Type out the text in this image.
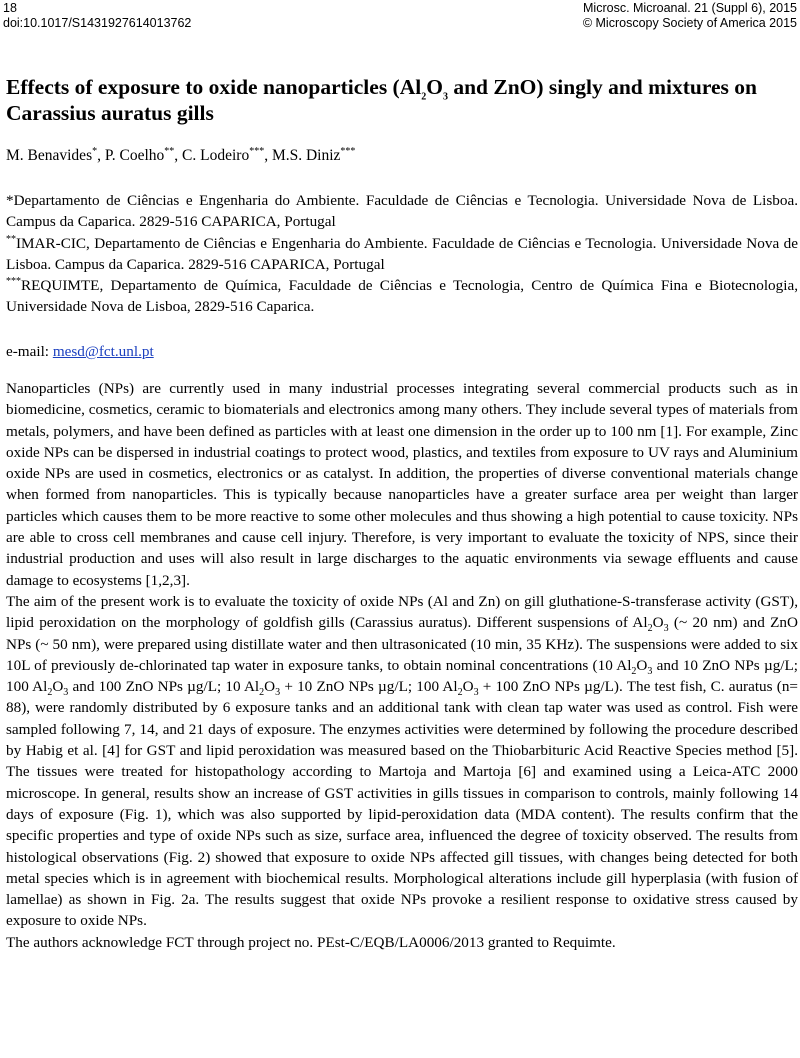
18
doi:10.1017/S1431927614013762
Microsc. Microanal. 21 (Suppl 6), 2015
© Microscopy Society of America 2015
Effects of exposure to oxide nanoparticles ($Al_2O_3$ and ZnO) singly and mixtures on Carassius auratus gills
M. Benavides*, P. Coelho**, C. Lodeiro***, M.S. Diniz***

*Departamento de Ciências e Engenharia do Ambiente. Faculdade de Ciências e Tecnologia. Universidade Nova de Lisboa. Campus da Caparica. 2829-516 CAPARICA, Portugal

**IMAR-CIC, Departamento de Ciências e Engenharia do Ambiente. Faculdade de Ciências e Tecnologia. Universidade Nova de Lisboa. Campus da Caparica. 2829-516 CAPARICA, Portugal

***REQUIMTE, Departamento de Química, Faculdade de Ciências e Tecnologia, Centro de Química Fina e Biotecnologia, Universidade Nova de Lisboa, 2829-516 Caparica.

e-mail: mesd@fct.unl.pt

Nanoparticles (NPs) are currently used in many industrial processes integrating several commercial products such as in biomedicine, cosmetics, ceramic to biomaterials and electronics among many others. They include several types of materials from metals, polymers, and have been defined as particles with at least one dimension in the order up to 100 nm [1]. For example, Zinc oxide NPs can be dispersed in industrial coatings to protect wood, plastics, and textiles from exposure to UV rays and Aluminium oxide NPs are used in cosmetics, electronics or as catalyst. In addition, the properties of diverse conventional materials change when formed from nanoparticles. This is typically because nanoparticles have a greater surface area per weight than larger particles which causes them to be more reactive to some other molecules and thus showing a high potential to cause toxicity. NPs are able to cross cell membranes and cause cell injury. Therefore, is very important to evaluate the toxicity of NPS, since their industrial production and uses will also result in large discharges to the aquatic environments via sewage effluents and cause damage to ecosystems [1,2,3].

The aim of the present work is to evaluate the toxicity of oxide NPs (Al and Zn) on gill gluthatione-S-transferase activity (GST), lipid peroxidation on the morphology of goldfish gills (Carassius auratus). Different suspensions of $Al_2O_3$ (~ 20 nm) and ZnO NPs (~ 50 nm), were prepared using distillate water and then ultrasonicated (10 min, 35 KHz). The suspensions were added to six 10L of previously de-chlorinated tap water in exposure tanks, to obtain nominal concentrations (10 $Al_2O_3$ and 10 ZnO NPs µg/L; 100 $Al_2O_3$ and 100 ZnO NPs µg/L; 10 $Al_2O_3 + 10$ ZnO NPs µg/L; 100 $Al_2O_3 + 100$ ZnO NPs µg/L). The test fish, C. auratus (n= 88), were randomly distributed by 6 exposure tanks and an additional tank with clean tap water was used as control. Fish were sampled following 7, 14, and 21 days of exposure. The enzymes activities were determined by following the procedure described by Habig et al. [4] for GST and lipid peroxidation was measured based on the Thiobarbituric Acid Reactive Species method [5]. The tissues were treated for histopathology according to Martoja and Martoja [6] and examined using a Leica-ATC 2000 microscope. In general, results show an increase of GST activities in gills tissues in comparison to controls, mainly following 14 days of exposure (Fig. 1), which was also supported by lipid-peroxidation data (MDA content). The results confirm that the specific properties and type of oxide NPs such as size, surface area, influenced the degree of toxicity observed. The results from histological observations (Fig. 2) showed that exposure to oxide NPs affected gill tissues, with changes being detected for both metal species which is in agreement with biochemical results. Morphological alterations include gill hyperplasia (with fusion of lamellae) as shown in Fig. 2a. The results suggest that oxide NPs provoke a resilient response to oxidative stress caused by exposure to oxide NPs.

The authors acknowledge FCT through project no. PEst-C/EQB/LA0006/2013 granted to Requimte.
